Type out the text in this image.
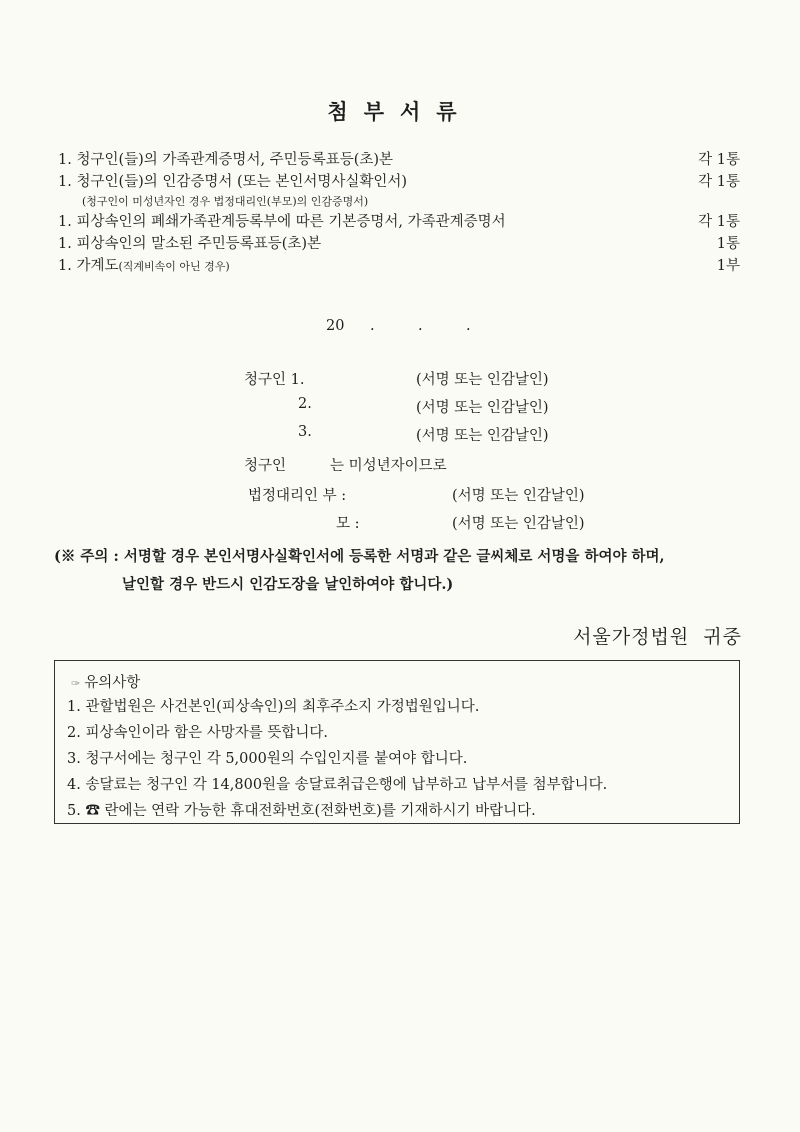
첨부서류
1. 청구인(들)의 가족관계증명서, 주민등록표등(초)본	각 1통
1. 청구인(들)의 인감증명서 (또는 본인서명사실확인서)	각 1통
(청구인이 미성년자인 경우 법정대리인(부모)의 인감증명서)
1. 피상속인의 폐쇄가족관계등록부에 따른 기본증명서, 가족관계증명서	각 1통
1. 피상속인의 말소된 주민등록표등(초)본	1통
1. 가계도(직계비속이 아닌 경우)	1부
20 .	.	.
청구인 1.	(서명 또는 인감날인)
2.	(서명 또는 인감날인)
3.	(서명 또는 인감날인)
청구인	는 미성년자이므로
법정대리인 부 :	(서명 또는 인감날인)
모 :	(서명 또는 인감날인)
(※ 주의 : 서명할 경우 본인서명사실확인서에 등록한 서명과 같은 글씨체로 서명을 하여야 하며,
날인할 경우 반드시 인감도장을 날인하여야 합니다.)
서울가정법원  귀중
✑ 유의사항
1. 관할법원은 사건본인(피상속인)의 최후주소지 가정법원입니다.
2. 피상속인이라 함은 사망자를 뜻합니다.
3. 청구서에는 청구인 각 5,000원의 수입인지를 붙여야 합니다.
4. 송달료는 청구인 각 14,800원을 송달료취급은행에 납부하고 납부서를 첨부합니다.
5. ☎ 란에는 연락 가능한 휴대전화번호(전화번호)를 기재하시기 바랍니다.
